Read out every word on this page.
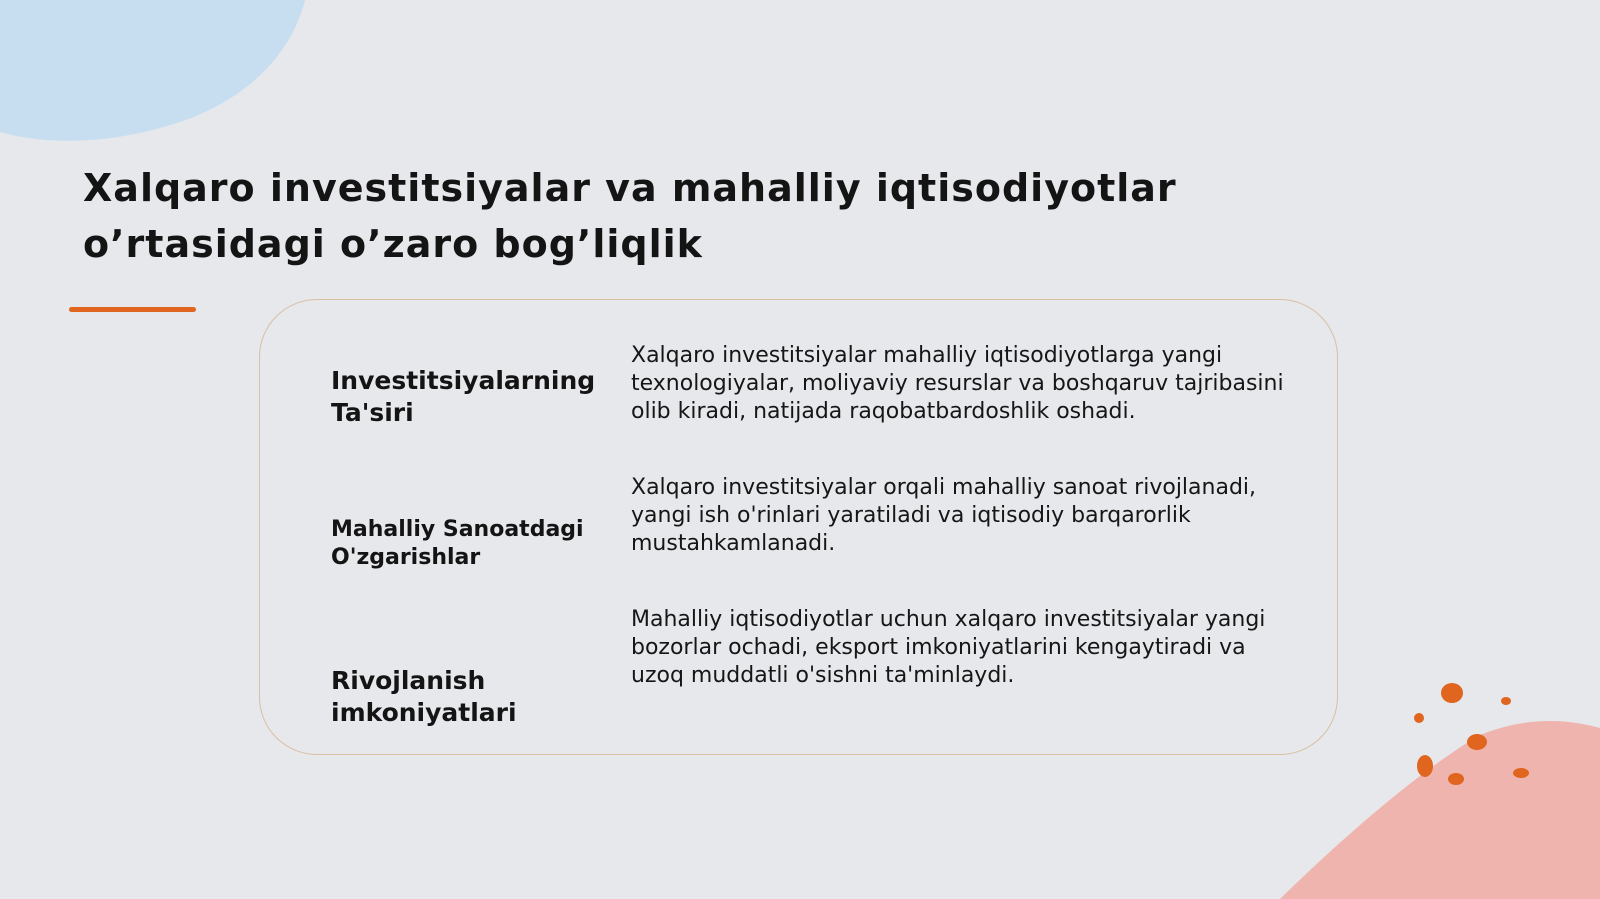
Xalqaro investitsiyalar va mahalliy iqtisodiyotlar
o’rtasidagi o’zaro bog’liqlik
Investitsiyalarning
Ta'siri

Xalqaro investitsiyalar mahalliy iqtisodiyotlarga yangi
texnologiyalar, moliyaviy resurslar va boshqaruv tajribasini
olib kiradi, natijada raqobatbardoshlik oshadi.

Mahalliy Sanoatdagi
O'zgarishlar

Xalqaro investitsiyalar orqali mahalliy sanoat rivojlanadi,
yangi ish o'rinlari yaratiladi va iqtisodiy barqarorlik
mustahkamlanadi.

Rivojlanish
imkoniyatlari

Mahalliy iqtisodiyotlar uchun xalqaro investitsiyalar yangi
bozorlar ochadi, eksport imkoniyatlarini kengaytiradi va
uzoq muddatli o'sishni ta'minlaydi.
